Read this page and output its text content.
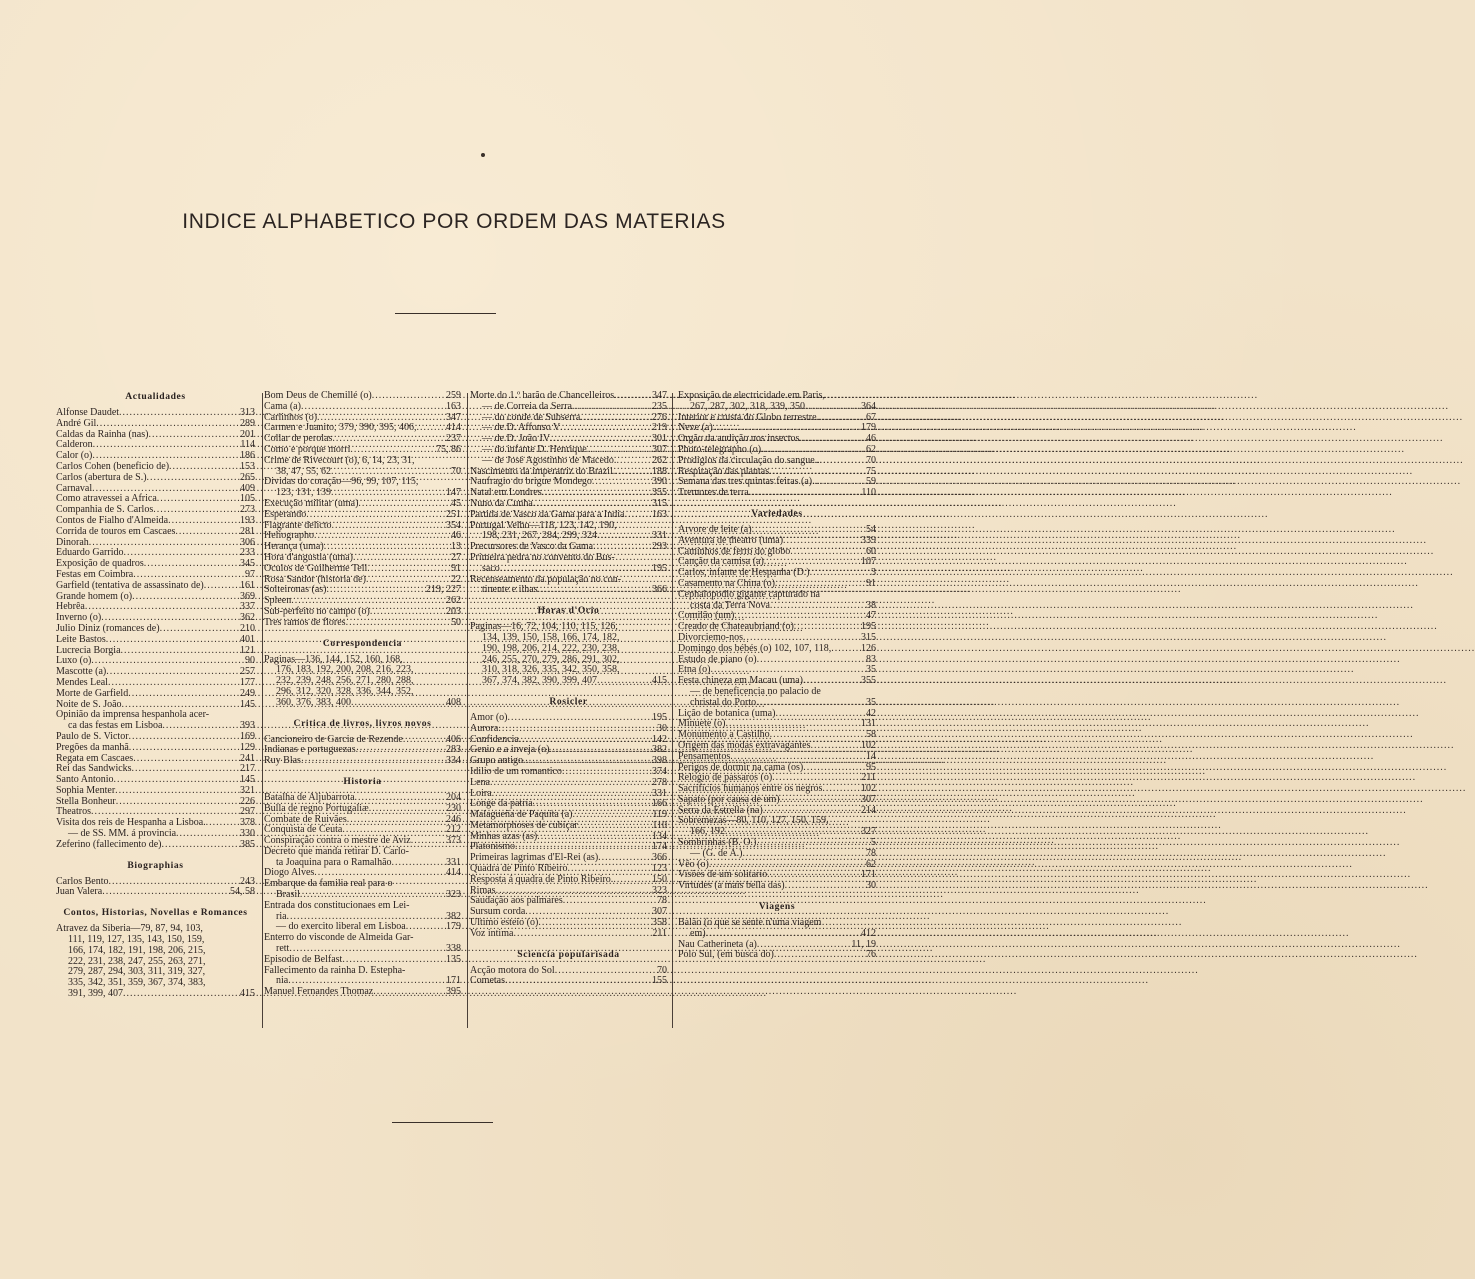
INDICE ALPHABETICO POR ORDEM DAS MATERIAS
Actualidades
Alfonse Daudet .....	313
André Gil .....	289
Caldas da Rainha (nas) .....	201
Calderon .....	114
Calor (o) .....	186
Carlos Cohen (beneficio de) .....	153
Carlos (abertura de S.) .....	265
Carnaval .....	409
Como atravessei a Africa .....	105
Companhia de S. Carlos .....	273
Contos de Fialho d'Almeida .....	193
Corrida de touros em Cascaes .....	281
Dinorah .....	306
Eduardo Garrido .....	233
Exposição de quadros .....	345
Festas em Coimbra .....	97
Garfield (tentativa de assassinato de) .....	161
Grande homem (o) .....	369
Hebrêa .....	337
Inverno (o) .....	362
Julio Diniz (romances de) .....	210
Leite Bastos .....	401
Lucrecia Borgia .....	121
Luxo (o) .....	90
Mascotte (a) .....	257
Mendes Leal .....	177
Morte de Garfield .....	249
Noite de S. João .....	145
Opinião da imprensa hespanhola acer-
ca das festas em Lisboa .....	393
Paulo de S. Victor .....	169
Pregões da manhã .....	129
Regata em Cascaes .....	241
Rei das Sandwicks .....	217
Santo Antonio .....	145
Sophia Menter .....	321
Stella Bonheur .....	226
Theatros .....	297
Visita dos reis de Hespanha a Lisboa. .....	378
— de SS. MM. á provincia .....	330
Zeferino (fallecimento de) .....	385
Biographias
Carlos Bento .....	243
Juan Valera .....	54, 58
Contos, Historias, Novellas e Romances
Atravez da Siberia—79, 87, 94, 103,
111, 119, 127, 135, 143, 150, 159,
166, 174, 182, 191, 198, 206, 215,
222, 231, 238, 247, 255, 263, 271,
279, 287, 294, 303, 311, 319, 327,
335, 342, 351, 359, 367, 374, 383,
391, 399, 407 .....	415
Bom Deus de Chemillé (o) .....	259
Cama (a) .....	163
Carlinhos (o) .....	347
Carmen e Juanito, 379, 390, 395, 406, .....	414
Collar de perolas .....	237
Como e porque morri .....	75, 86
Crime de Rivecourt (o), 6, 14, 23, 31,
38, 47, 55, 62 .....	70
Dividas do coração—96, 99, 107, 115,
123, 131, 139 .....	147
Execução militar (uma) .....	45
Esperando .....	251
Flagrante delicto .....	354
Heliographo .....	46
Herança (uma) .....	13
Hora d'angustia (uma) .....	27
Oculos de Guilherme Tell .....	91
Rosa Sandor (historia de) .....	22
Solteironas (as) .....	219, 227
Spleen .....	262
Sub-perfeito no campo (o) .....	203
Tres ramos de flores .....	50
Correspondencia
Paginas—136, 144, 152, 160, 168,
176, 183, 192, 200, 208, 216, 223,
232, 239, 248, 256, 271, 280, 288,
296, 312, 320, 328, 336, 344, 352,
360, 376, 383, 400 .....	408
Critica de livros, livros novos
Cancioneiro de Garcia de Rezende .....	406
Indianas e portuguezas .....	283
Ruy Blas .....	334
Historia
Batalha de Aljubarrota .....	204
Bulla de regno Portugaliæ .....	230
Combate de Ruivães .....	246
Conquista de Ceuta .....	212
Conspiração contra o mestre de Aviz .....	373
Decreto que manda retirar D. Carlo-
ta Joaquina para o Ramalhão .....	331
Diogo Alves .....	414
Embarque da familia real para o
Brasil .....	323
Entrada dos constitucionaes em Lei-
ria .....	382
— do exercito liberal em Lisboa .....	179
Enterro do visconde de Almeida Gar-
rett .....	338
Episodio de Belfast .....	135
Fallecimento da rainha D. Estepha-
nia .....	171
Manuel Fernandes Thomaz .....	395
Morte do 1.º barão de Chancelleiros .....	347
— de Correia da Serra .....	235
— do conde de Subserra .....	276
— de D. Affonso V .....	219
— de D. João IV .....	301
— do infante D. Henrique .....	307
— de José Agostinho de Macedo. .....	262
Nascimento da imperatriz do Brazil. .....	188
Naufragio do brigue Mondego .....	390
Natal em Londres .....	355
Nuno da Cunha .....	315
Partida de Vasco da Gama para a India .....	163
Portugal Velho—118, 123, 142, 190,
198, 231, 267, 284, 299, 324 .....	331
Precursores de Vasco da Gama .....	293
Primeira pedra no convento do Bus-
saco .....	195
Recenseamento da população no con-
tinente e ilhas .....	366
Horas d'Ocio
Paginas—16, 72, 104, 110, 115, 126,
134, 139, 150, 158, 166, 174, 182,
190, 198, 206, 214, 222, 230, 238,
246, 255, 270, 279, 286, 291, 302,
310, 318, 326, 335, 342, 350, 358,
367, 374, 382, 390, 399, 407 .....	415
Rosicler
Amor (o) .....	195
Aurora .....	30
Confidencia .....	142
Genio e a inveja (o) .....	382
Grupo antigo .....	398
Idilio de um romantico .....	374
Lena .....	278
Loira .....	331
Longe da patria .....	166
Malagueña de Paquita (a) .....	119
Metamorphoses de cubiçar .....	110
Minhas azas (as) .....	134
Platonismo .....	174
Primeiras lagrimas d'El-Rei (as) .....	366
Quadra de Pinto Ribeiro .....	123
Resposta á quadra de Pinto Ribeiro. .....	150
Rimas .....	323
Saudação aos palmares .....	78
Sursum corda .....	307
Ultimo esteio (o) .....	358
Voz intima .....	211
Sciencia popularisada
Acção motora do Sol .....	70
Cometas .....	155
Exposição de electricidade em Paris,
267, 287, 302, 318, 339, 350 .....	364
Interior e crusta do Globo terrestre. .....	67
Neve (a) .....	179
Orgão da audição nos insectos .....	46
Photo-telegrapho (o) .....	62
Prodigios da circulação do sangue.. .....	70
Respiração das plantas .....	75
Semana das tres quintas feiras (a).. .....	59
Tremores de terra .....	110
Variedades
Arvore de leite (a) .....	54
Aventura de theatro (uma) .....	339
Caminhos de ferro do globo .....	60
Canção da camisa (a) .....	107
Carlos, infante de Hespanha (D.) .....	3
Casamento na China (o) .....	91
Cephalopodio gigante capturado na
costa da Terra Nova .....	38
Comilão (um) .....	47
Creado de Chateaubriand (o) .....	195
Divorciemo-nos .....	315
Domingo dos bébés (o) 102, 107, 118, .....	126
Estudo de piano (o) .....	83
Etna (o) .....	35
Festa chineza em Macau (uma) .....	355
— de beneficencia no palacio de
christal do Porto .....	35
Lição de botanica (uma) .....	42
Minuete (o) .....	131
Monumento a Castilho .....	58
Origem das modas extravagantes .....	102
Pensamentos .....	14
Perigos de dormir na cama (os) .....	95
Relogio de passaros (o) .....	211
Sacrificios humanos entre os negros .....	102
Sapato (por causa de um) .....	307
Serra da Estrella (na) .....	214
Sobremezas—80, 110, 127, 150, 159,
166, 192 .....	327
Sombrinhas (B. O.) .....	5
— (G. de A.) .....	78
Vêo (o) .....	62
Visões de um solitario .....	171
Virtudes (a mais bella das) .....	30
Viagens
Balão (o que se sente n'uma viagem
em) .....	412
Nau Catherineta (a) .....	11, 19
Polo Sul, (em busca do) .....	76
